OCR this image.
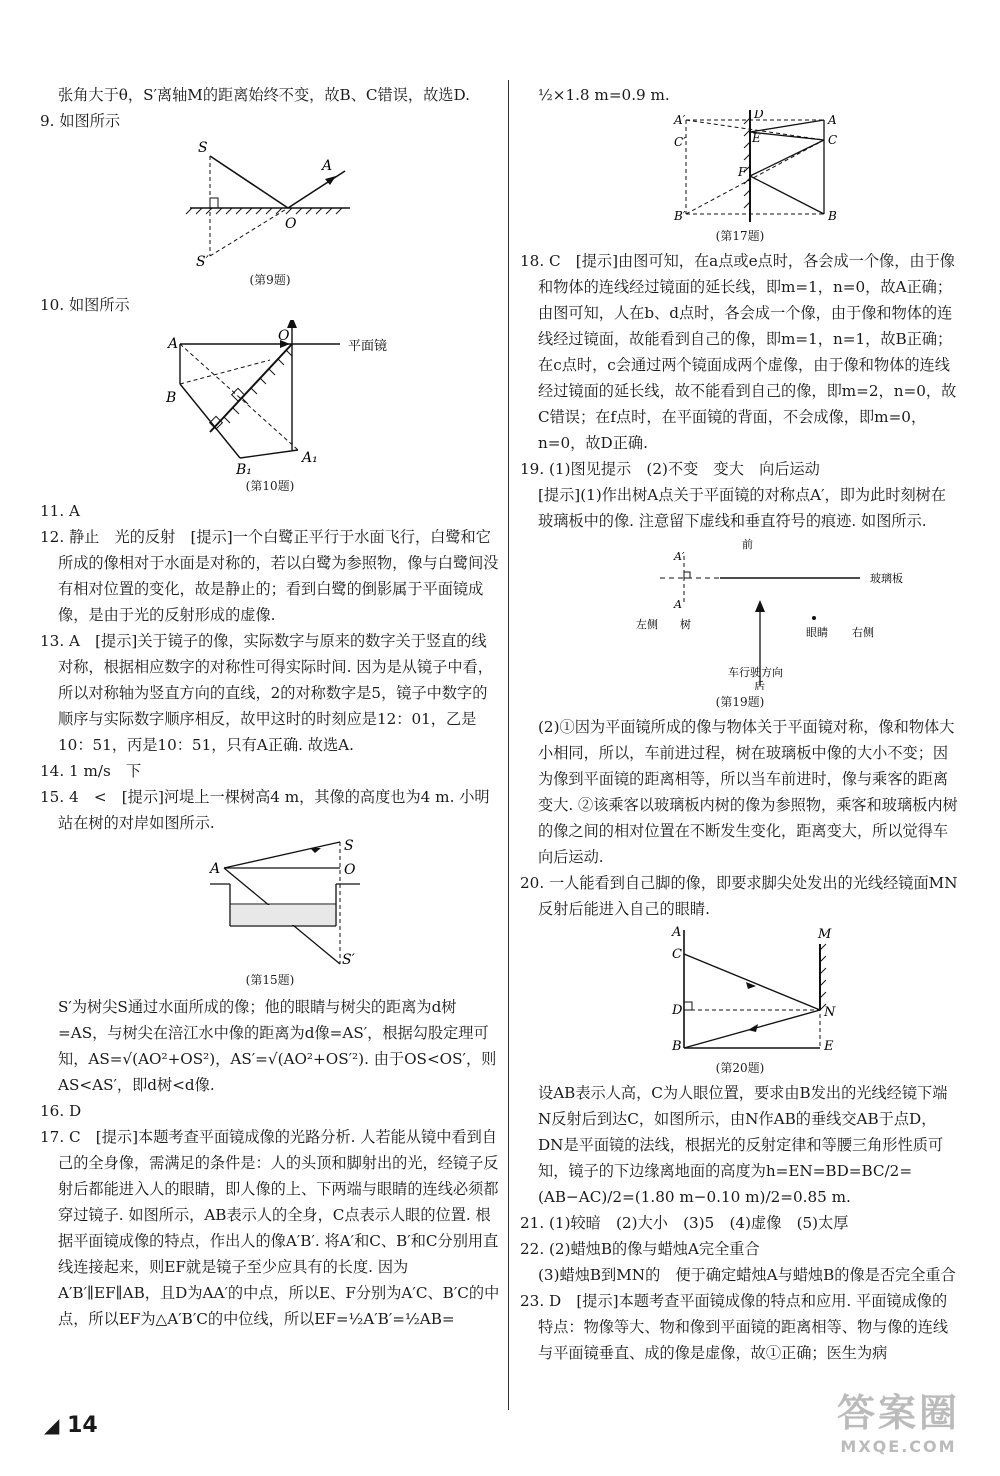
张角大于θ，S′离轴M的距离始终不变，故B、C错误，故选D.

9. 如图所示

S
A
O
S′
(第9题)

10. 如图所示

A
B
O
A₁
B₁
平面镜
(第10题)

11. A

12. 静止　光的反射　[提示]一个白鹭正平行于水面飞行，白鹭和它所成的像相对于水面是对称的，若以白鹭为参照物，像与白鹭间没有相对位置的变化，故是静止的；看到白鹭的倒影属于平面镜成像，是由于光的反射形成的虚像.

13. A　[提示]关于镜子的像，实际数字与原来的数字关于竖直的线对称，根据相应数字的对称性可得实际时间. 因为是从镜子中看，所以对称轴为竖直方向的直线，2的对称数字是5，镜子中数字的顺序与实际数字顺序相反，故甲这时的时刻应是12：01，乙是10：51，丙是10：51，只有A正确. 故选A.

14. 1 m/s　下

15. 4　<　[提示]河堤上一棵树高4 m，其像的高度也为4 m. 小明站在树的对岸如图所示.

A
S
O
S′
(第15题)

S′为树尖S通过水面所成的像；他的眼睛与树尖的距离为d树=AS，与树尖在涪江水中像的距离为d像=AS′，根据勾股定理可知，AS=√(AO²+OS²)，AS′=√(AO²+OS′²). 由于OS<OS′，则AS<AS′，即d树<d像.

16. D

17. C　[提示]本题考查平面镜成像的光路分析. 人若能从镜中看到自己的全身像，需满足的条件是：人的头顶和脚射出的光，经镜子反射后都能进入人的眼睛，即人像的上、下两端与眼睛的连线必须都穿过镜子. 如图所示，AB表示人的全身，C点表示人眼的位置. 根据平面镜成像的特点，作出人的像A′B′. 将A′和C、B′和C分别用直线连接起来，则EF就是镜子至少应具有的长度. 因为A′B′∥EF∥AB，且D为AA′的中点，所以E、F分别为A′C、B′C的中点，所以EF为△A′B′C的中位线，所以EF=½A′B′=½AB=

½×1.8 m=0.9 m.

A′
C′
B′
D
E
F
A
C
B
(第17题)

18. C　[提示]由图可知，在a点或e点时，各会成一个像，由于像和物体的连线经过镜面的延长线，即m=1，n=0，故A正确；由图可知，人在b、d点时，各会成一个像，由于像和物体的连线经过镜面，故能看到自己的像，即m=1，n=1，故B正确；在c点时，c会通过两个镜面成两个虚像，由于像和物体的连线经过镜面的延长线，故不能看到自己的像，即m=2，n=0，故C错误；在f点时，在平面镜的背面，不会成像，即m=0，n=0，故D正确.

19. (1)图见提示　(2)不变　变大　向后运动

[提示](1)作出树A点关于平面镜的对称点A′，即为此时刻树在玻璃板中的像. 注意留下虚线和垂直符号的痕迹. 如图所示.

前
A′
玻璃板
A
左侧 树
眼睛 右侧
车行驶方向
后
(第19题)

(2)①因为平面镜所成的像与物体关于平面镜对称，像和物体大小相同，所以，车前进过程，树在玻璃板中像的大小不变；因为像到平面镜的距离相等，所以当车前进时，像与乘客的距离变大. ②该乘客以玻璃板内树的像为参照物，乘客和玻璃板内树的像之间的相对位置在不断发生变化，距离变大，所以觉得车向后运动.

20. 一人能看到自己脚的像，即要求脚尖处发出的光线经镜面MN反射后能进入自己的眼睛.

A
C
D
B
M
N
E
(第20题)

设AB表示人高，C为人眼位置，要求由B发出的光线经镜下端N反射后到达C，如图所示，由N作AB的垂线交AB于点D，DN是平面镜的法线，根据光的反射定律和等腰三角形性质可知，镜子的下边缘离地面的高度为h=EN=BD=BC/2=(AB−AC)/2=(1.80 m−0.10 m)/2=0.85 m.

21. (1)较暗　(2)大小　(3)5　(4)虚像　(5)太厚

22. (2)蜡烛B的像与蜡烛A完全重合

(3)蜡烛B到MN的　便于确定蜡烛A与蜡烛B的像是否完全重合

23. D　[提示]本题考查平面镜成像的特点和应用. 平面镜成像的特点：物像等大、物和像到平面镜的距离相等、物与像的连线与平面镜垂直、成的像是虚像，故①正确；医生为病

◢ 14	答案圈
MXQE.COM
